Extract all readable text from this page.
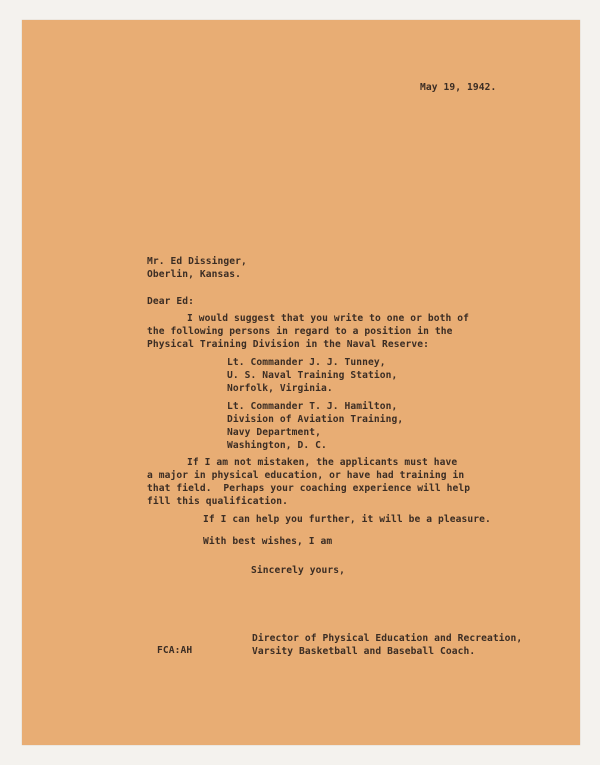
May 19, 1942.
Mr. Ed Dissinger,
Oberlin, Kansas.
Dear Ed:
I would suggest that you write to one or both of
the following persons in regard to a position in the
Physical Training Division in the Naval Reserve:
Lt. Commander J. J. Tunney,
U. S. Naval Training Station,
Norfolk, Virginia.
Lt. Commander T. J. Hamilton,
Division of Aviation Training,
Navy Department,
Washington, D. C.
If I am not mistaken, the applicants must have
a major in physical education, or have had training in
that field.  Perhaps your coaching experience will help
fill this qualification.
If I can help you further, it will be a pleasure.
With best wishes, I am
Sincerely yours,
Director of Physical Education and Recreation,
Varsity Basketball and Baseball Coach.
FCA:AH
